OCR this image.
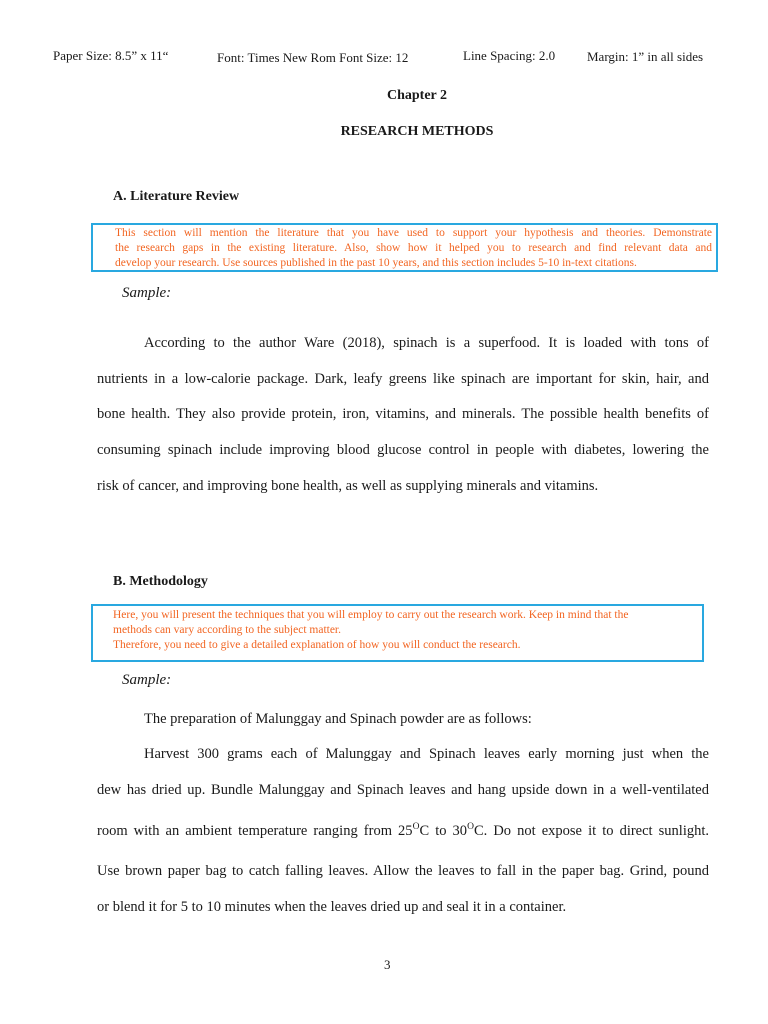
Paper Size: 8.5” x 11“	Font: Times New Rom Font Size: 12	Line Spacing: 2.0 Margin: 1” in all sides
Chapter 2
RESEARCH METHODS
A. Literature Review
This section will mention the literature that you have used to support your hypothesis and theories. Demonstrate
the research gaps in the existing literature. Also, show how it helped you to research and find relevant data and
develop your research. Use sources published in the past 10 years, and this section includes 5-10 in-text citations.
Sample:
According to the author Ware (2018), spinach is a superfood. It is loaded with tons of
nutrients in a low-calorie package. Dark, leafy greens like spinach are important for skin, hair, and
bone health. They also provide protein, iron, vitamins, and minerals. The possible health benefits of
consuming spinach include improving blood glucose control in people with diabetes, lowering the
risk of cancer, and improving bone health, as well as supplying minerals and vitamins.
B. Methodology
Here, you will present the techniques that you will employ to carry out the research work. Keep in mind that the
methods can vary according to the subject matter.
Therefore, you need to give a detailed explanation of how you will conduct the research.
Sample:
The preparation of Malunggay and Spinach powder are as follows:
Harvest 300 grams each of Malunggay and Spinach leaves early morning just when the
dew has dried up. Bundle Malunggay and Spinach leaves and hang upside down in a well-ventilated
room with an ambient temperature ranging from $25^OC$ to $30^OC$. Do not expose it to direct sunlight.
Use brown paper bag to catch falling leaves. Allow the leaves to fall in the paper bag. Grind, pound
or blend it for 5 to 10 minutes when the leaves dried up and seal it in a container.
3
